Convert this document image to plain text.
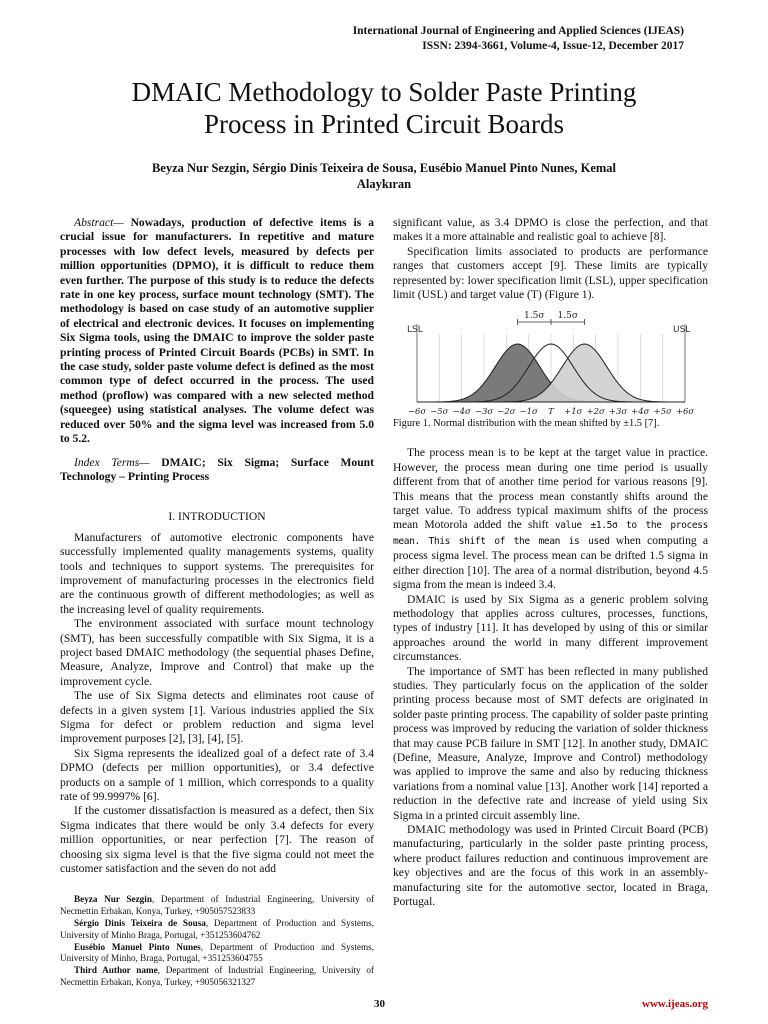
International Journal of Engineering and Applied Sciences (IJEAS)
ISSN: 2394-3661, Volume-4, Issue-12, December 2017
DMAIC Methodology to Solder Paste Printing
Process in Printed Circuit Boards
Beyza Nur Sezgin, Sérgio Dinis Teixeira de Sousa, Eusébio Manuel Pinto Nunes, Kemal
Alaykıran

Abstract— Nowadays, production of defective items is a crucial issue for manufacturers. In repetitive and mature processes with low defect levels, measured by defects per million opportunities (DPMO), it is difficult to reduce them even further. The purpose of this study is to reduce the defects rate in one key process, surface mount technology (SMT). The methodology is based on case study of an automotive supplier of electrical and electronic devices. It focuses on implementing Six Sigma tools, using the DMAIC to improve the solder paste printing process of Printed Circuit Boards (PCBs) in SMT. In the case study, solder paste volume defect is defined as the most common type of defect occurred in the process. The used method (proflow) was compared with a new selected method (squeegee) using statistical analyses. The volume defect was reduced over 50% and the sigma level was increased from 5.0 to 5.2.

Index Terms— DMAIC; Six Sigma; Surface Mount Technology – Printing Process

I. INTRODUCTION

Manufacturers of automotive electronic components have successfully implemented quality managements systems, quality tools and techniques to support systems. The prerequisites for improvement of manufacturing processes in the electronics field are the continuous growth of different methodologies; as well as the increasing level of quality requirements.

The environment associated with surface mount technology (SMT), has been successfully compatible with Six Sigma, it is a project based DMAIC methodology (the sequential phases Define, Measure, Analyze, Improve and Control) that make up the improvement cycle.

The use of Six Sigma detects and eliminates root cause of defects in a given system [1]. Various industries applied the Six Sigma for defect or problem reduction and sigma level improvement purposes [2], [3], [4], [5].

Six Sigma represents the idealized goal of a defect rate of 3.4 DPMO (defects per million opportunities), or 3.4 defective products on a sample of 1 million, which corresponds to a quality rate of 99.9997% [6].

If the customer dissatisfaction is measured as a defect, then Six Sigma indicates that there would be only 3.4 defects for every million opportunities, or near perfection [7]. The reason of choosing six sigma level is that the five sigma could not meet the customer satisfaction and the seven do not add

Beyza Nur Sezgin, Department of Industrial Engineering, University of Necmettin Erbakan, Konya, Turkey, +905057523833

Sérgio Dinis Teixeira de Sousa, Department of Production and Systems, University of Minho Braga, Portugal, +351253604762

Eusébio Manuel Pinto Nunes, Department of Production and Systems, University of Minho, Braga, Portugal, +351253604755

Third Author name, Department of Industrial Engineering, University of Necmettin Erbakan, Konya, Turkey, +905056321327

significant value, as 3.4 DPMO is close the perfection, and that makes it a more attainable and realistic goal to achieve [8].

Specification limits associated to products are performance ranges that customers accept [9]. These limits are typically represented by: lower specification limit (LSL), upper specification limit (USL) and target value (T) (Figure 1).

LSL	USL
1.5σ 1.5σ
−6σ −5σ −4σ −3σ −2σ −1σ T +1σ +2σ +3σ +4σ +5σ +6σ
Figure 1. Normal distribution with the mean shifted by ±1.5 [7].

The process mean is to be kept at the target value in practice. However, the process mean during one time period is usually different from that of another time period for various reasons [9]. This means that the process mean constantly shifts around the target value. To address typical maximum shifts of the process mean Motorola added the shift value ±1.5σ to the process mean. This shift of the mean is used when computing a process sigma level. The process mean can be drifted 1.5 sigma in either direction [10]. The area of a normal distribution, beyond 4.5 sigma from the mean is indeed 3.4.

DMAIC is used by Six Sigma as a generic problem solving methodology that applies across cultures, processes, functions, types of industry [11]. It has developed by using of this or similar approaches around the world in many different improvement circumstances.

The importance of SMT has been reflected in many published studies. They particularly focus on the application of the solder printing process because most of SMT defects are originated in solder paste printing process. The capability of solder paste printing process was improved by reducing the variation of solder thickness that may cause PCB failure in SMT [12]. In another study, DMAIC (Define, Measure, Analyze, Improve and Control) methodology was applied to improve the same and also by reducing thickness variations from a nominal value [13]. Another work [14] reported a reduction in the defective rate and increase of yield using Six Sigma in a printed circuit assembly line.

DMAIC methodology was used in Printed Circuit Board (PCB) manufacturing, particularly in the solder paste printing process, where product failures reduction and continuous improvement are key objectives and are the focus of this work in an assembly-manufacturing site for the automotive sector, located in Braga, Portugal.

30	www.ijeas.org
